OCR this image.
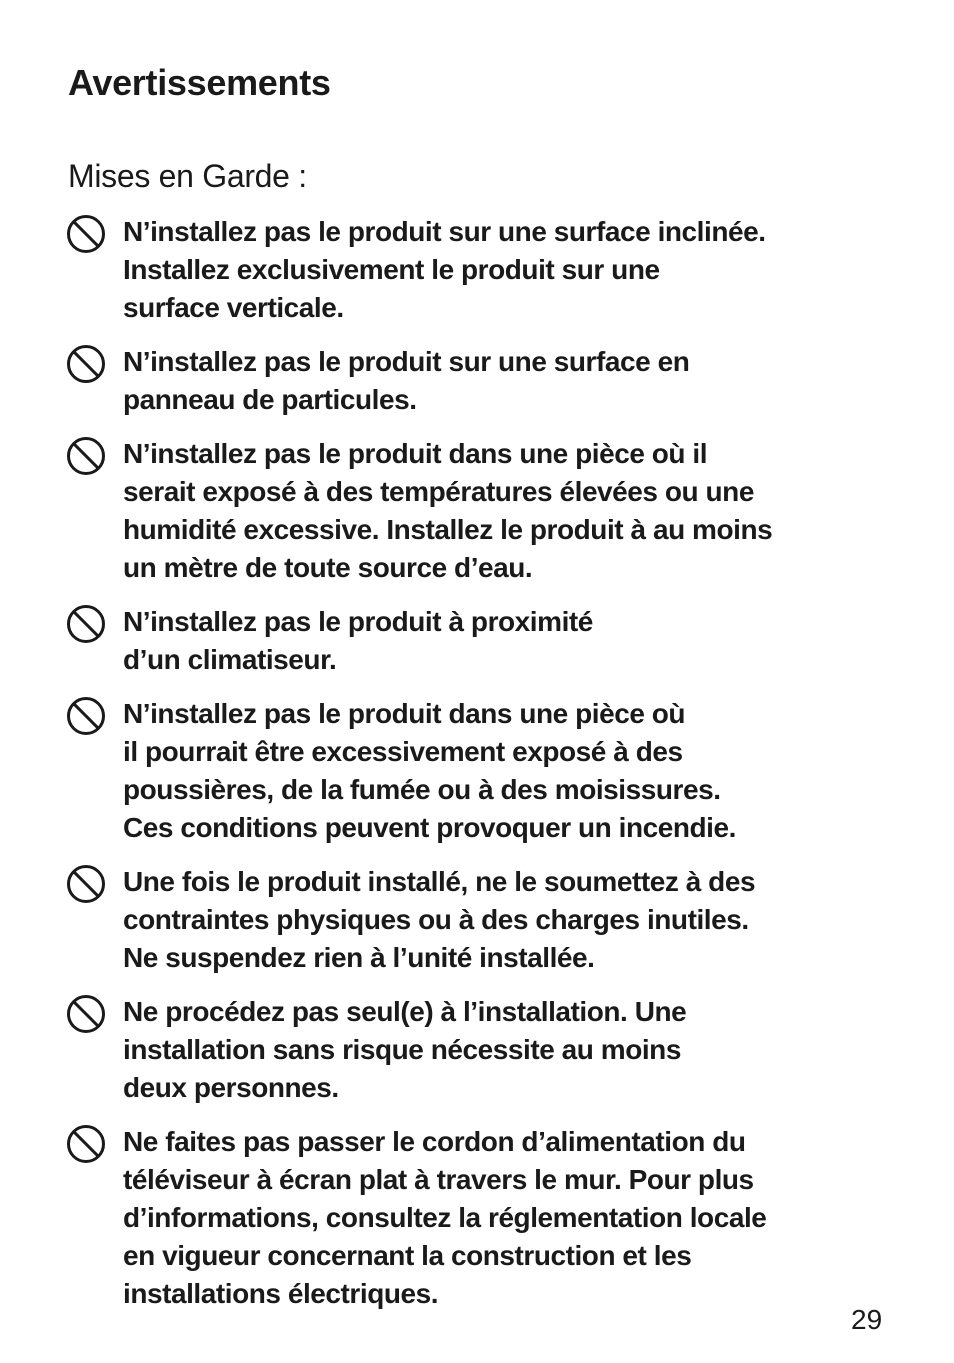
Avertissements
Mises en Garde :
N’installez pas le produit sur une surface inclinée.
Installez exclusivement le produit sur une
surface verticale.
N’installez pas le produit sur une surface en
panneau de particules.
N’installez pas le produit dans une pièce où il
serait exposé à des températures élevées ou une
humidité excessive. Installez le produit à au moins
un mètre de toute source d’eau.
N’installez pas le produit à proximité
d’un climatiseur.
N’installez pas le produit dans une pièce où
il pourrait être excessivement exposé à des
poussières, de la fumée ou à des moisissures.
Ces conditions peuvent provoquer un incendie.
Une fois le produit installé, ne le soumettez à des
contraintes physiques ou à des charges inutiles.
Ne suspendez rien à l’unité installée.
Ne procédez pas seul(e) à l’installation. Une
installation sans risque nécessite au moins
deux personnes.
Ne faites pas passer le cordon d’alimentation du
téléviseur à écran plat à travers le mur. Pour plus
d’informations, consultez la réglementation locale
en vigueur concernant la construction et les
installations électriques.

29
